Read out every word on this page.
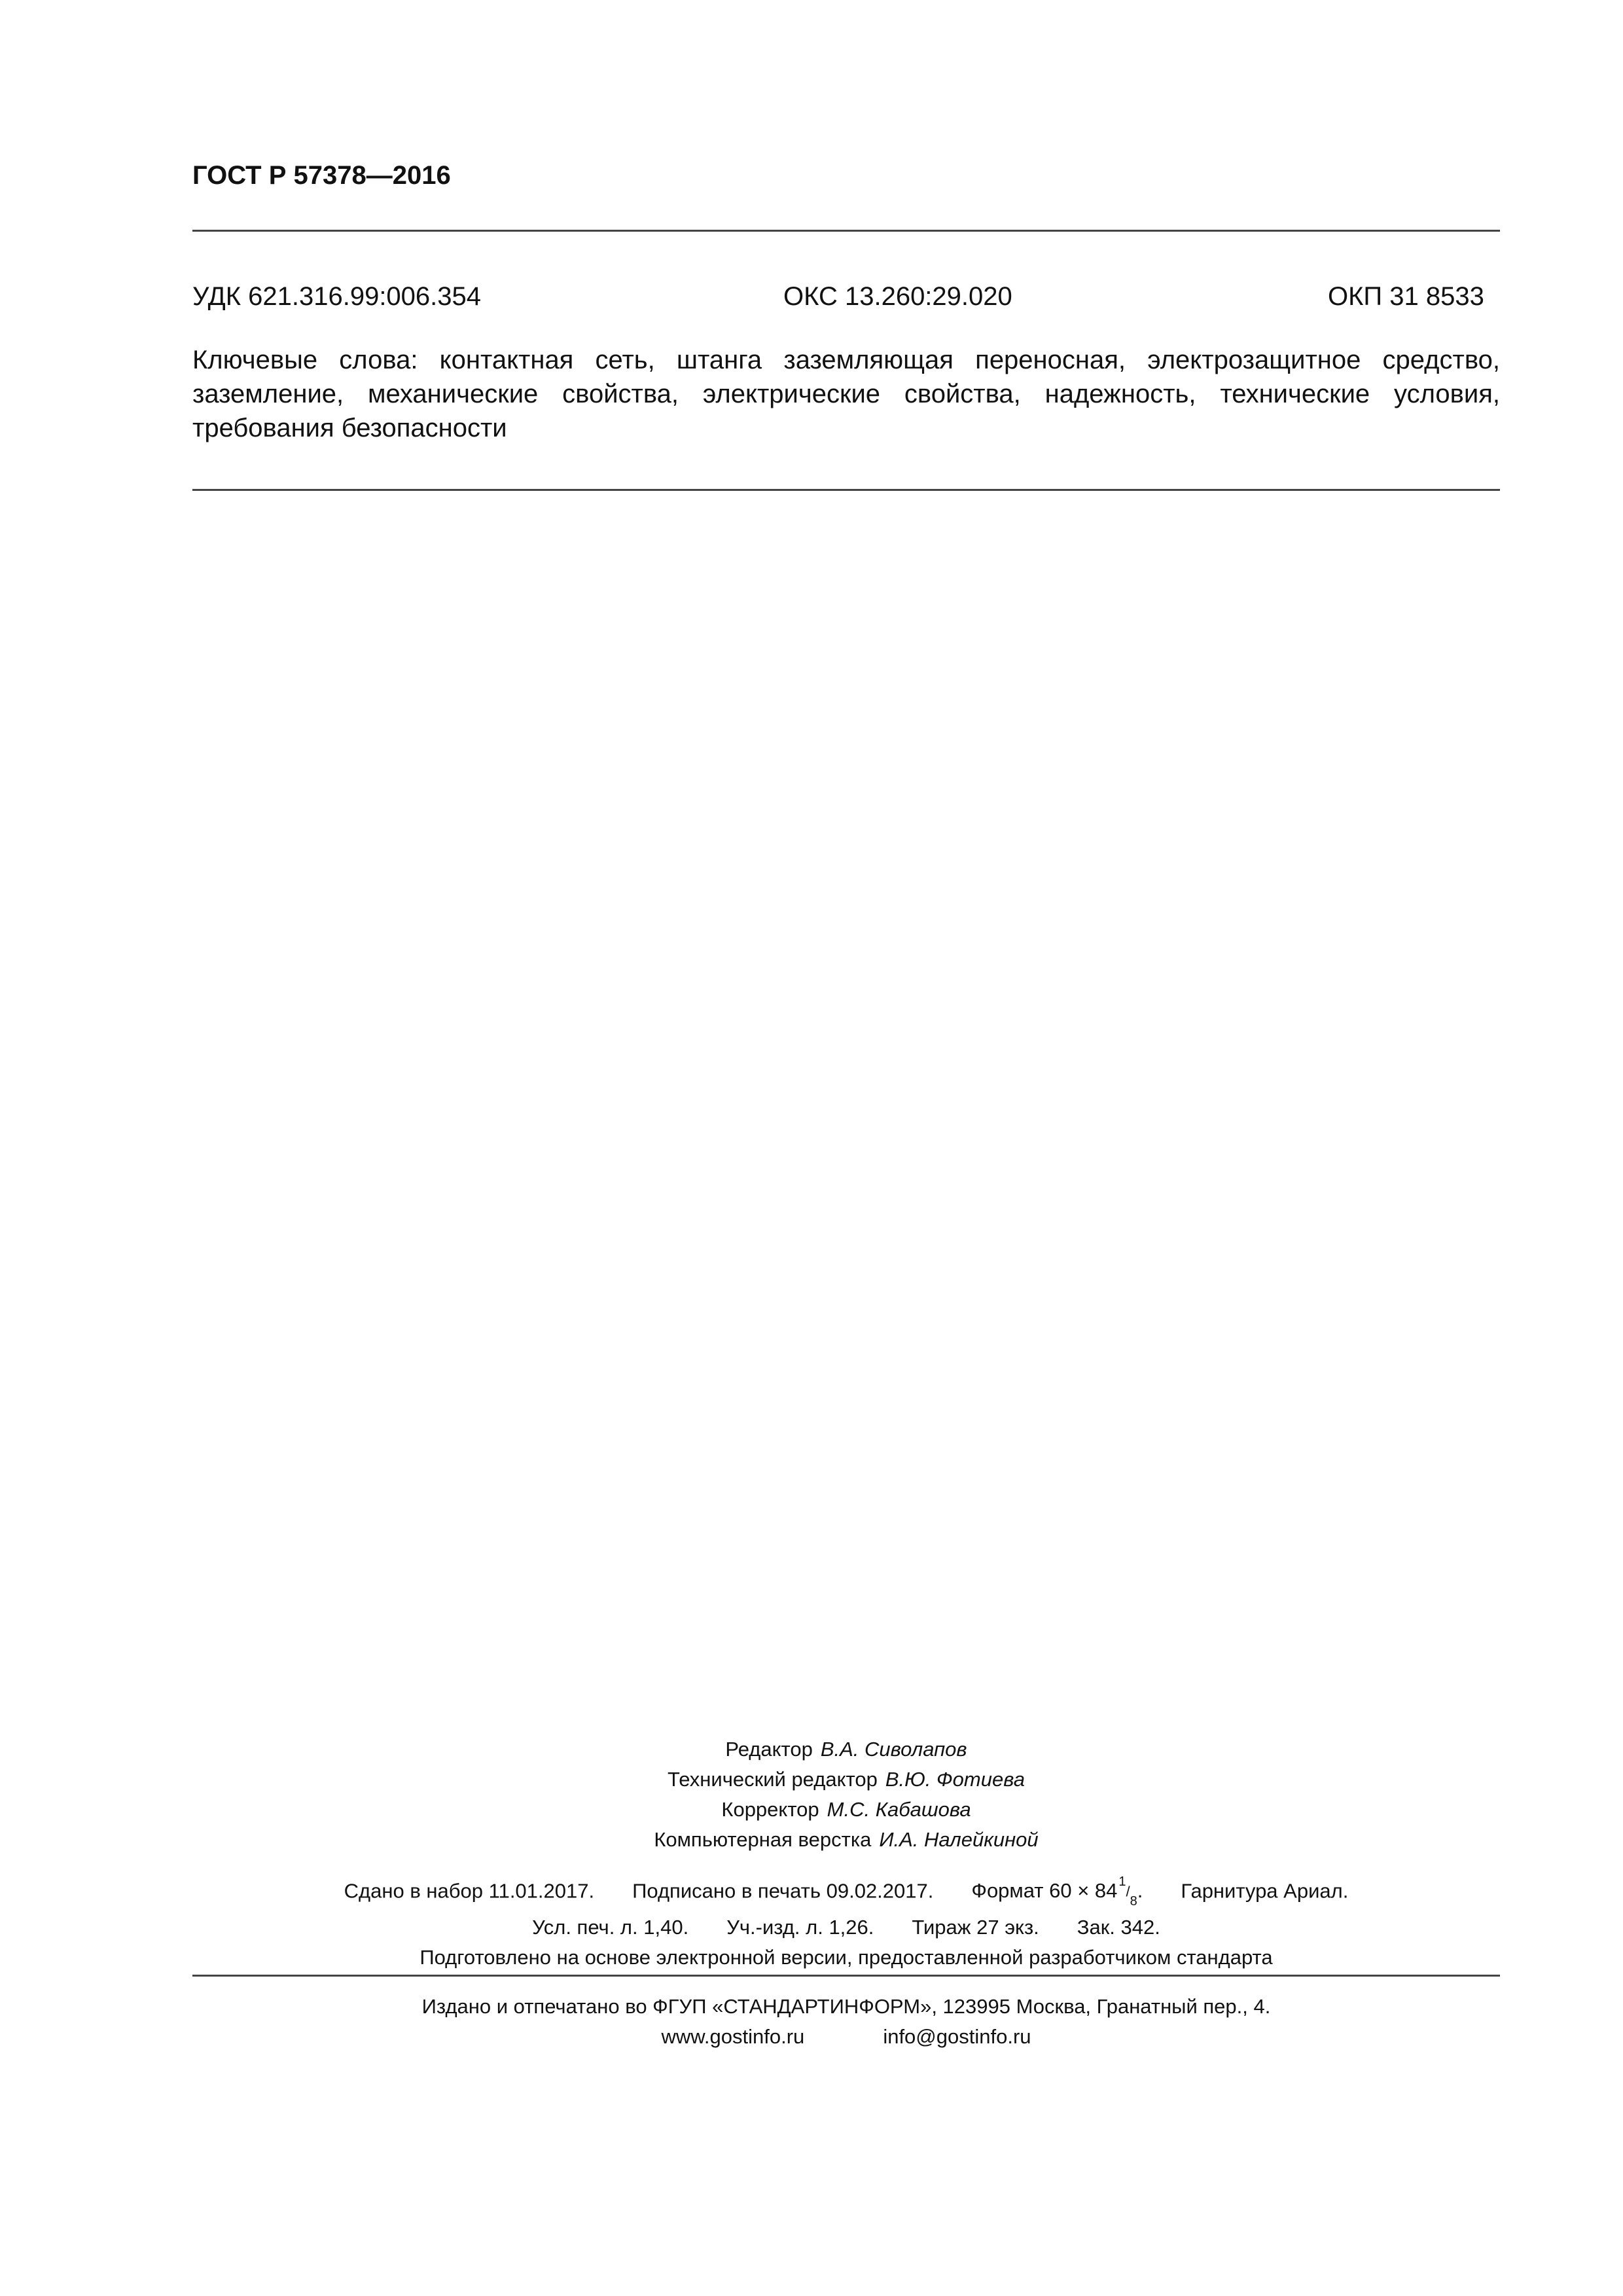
ГОСТ Р 57378—2016
УДК 621.316.99:006.354	ОКС 13.260:29.020	ОКП 31 8533
Ключевые слова: контактная сеть, штанга заземляющая переносная, электрозащитное средство, заземление, механические свойства, электрические свойства, надежность, технические условия, требования безопасности
Редактор В.А. Сиволапов
Технический редактор В.Ю. Фотиева
Корректор М.С. Кабашова
Компьютерная верстка И.А. Налейкиной
Сдано в набор 11.01.2017. Подписано в печать 09.02.2017. Формат 60 × 84 $^1/_8$. Гарнитура Ариал.
Усл. печ. л. 1,40. Уч.-изд. л. 1,26. Тираж 27 экз. Зак. 342.
Подготовлено на основе электронной версии, предоставленной разработчиком стандарта
Издано и отпечатано во ФГУП «СТАНДАРТИНФОРМ», 123995 Москва, Гранатный пер., 4.
www.gostinfo.ru	info@gostinfo.ru
